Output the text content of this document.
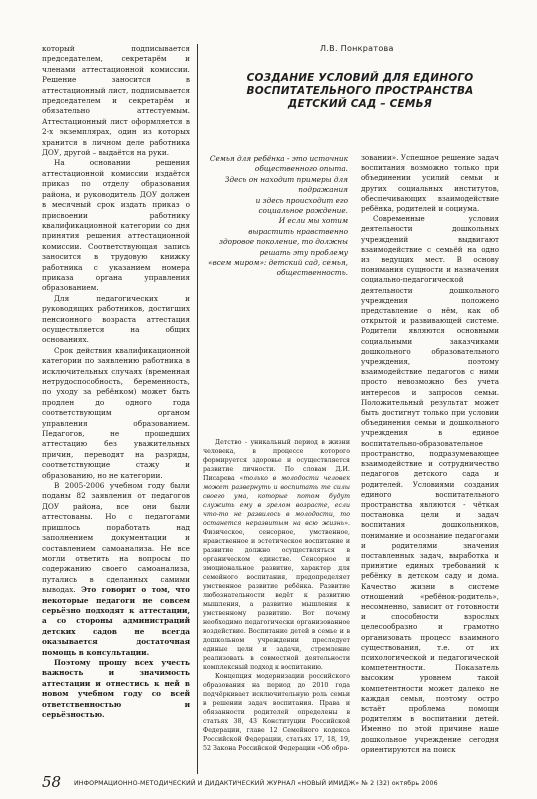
Л.В. Понкратова
СОЗДАНИЕ УСЛОВИЙ ДЛЯ ЕДИНОГО
ВОСПИТАТЕЛЬНОГО ПРОСТРАНСТВА
ДЕТСКИЙ САД – СЕМЬЯ
Семья для ребёнка - это источник
общественного опыта.
Здесь он находит примеры для
подражания
и здесь происходит его
социальное рождение.
И если мы хотим
вырастить нравственно
здоровое поколение, то должны
решать эту проблему
«всем миром»: детский сад, семья,
общественность.

который подписывается председателем, секретарём и членами аттестационной комиссии. Решение заносится в аттестационный лист, подписывается председателем и секретарём и обязательно аттестуемым. Аттестационный лист оформляется в 2-х экземплярах, один из которых хранится в личном деле работника ДОУ, другой – выдаётся на руки.

На основании решения аттестационной комиссии издаётся приказ по отделу образования района, и руководитель ДОУ должен в месячный срок издать приказ о присвоении работнику квалификационной категории со дня принятия решения аттестационной комиссии. Соответствующая запись заносится в трудовую книжку работника с указанием номера приказа органа управления образованием.

Для педагогических и руководящих работников, достигших пенсионного возраста аттестация осуществляется на общих основаниях.

Срок действия квалификационной категории по заявлению работника в исключительных случаях (временная нетрудоспособность, беременность, по уходу за ребёнком) может быть продлен до одного года соответствующим органом управления образованием. Педагогов, не прошедших аттестацию без уважительных причин, переводят на разряды, соответствующие стажу и образованию, но не категории.

В 2005-2006 учебном году были поданы 82 заявления от педагогов ДОУ района, все они были аттестованы. Но с педагогами пришлось поработать над заполнением документации и составлением самоанализа. Не все могли ответить на вопросы по содержанию своего самоанализа, путались в сделанных самими выводах. Это говорит о том, что некоторые педагоги не совсем серьёзно подходят к аттестации, а со стороны администраций детских садов не всегда оказывается достаточная помощь в консультации.

Поэтому прошу всех учесть важность и значимость аттестации и отнестись к ней в новом учебном году со всей ответственностью и серьёзностью.

Детство - уникальный период в жизни человека, в процессе которого формируется здоровье и осуществляется развитие личности. По словам Д.И. Писарева «только в молодости человек может развернуть и воспитать те силы своего ума, которые потом будут служить ему в зрелом возрасте, если что-то не развилось в молодости, то останется неразвитым на всю жизнь». Физическое, сенсорное, умственное, нравственное и эстетическое воспитание и развитие должно осуществляться в органическом единстве. Сенсорное и эмоциональное развитие, характер для семейного воспитания, предопределяет умственное развитие ребёнка. Развитие любознательности ведёт к развитию мышления, а развитие мышления к умственному развитию. Вот почему необходимо педагогически организованное воздействие. Воспитание детей в семье и в дошкольном учреждении преследует единые цели и задачи, стремление реализовать в совместной деятельности комплексный подход к воспитанию.

Концепция модернизации российского образования на период до 2010 года подчёркивает исключительную роль семьи в решении задач воспитания. Права и обязанности родителей определены в статьях 38, 43 Конституции Российской Федерации, главе 12 Семейного кодекса Российской Федерации, статьях 17, 18, 19, 52 Закона Российской Федерации «Об обра-

зовании». Успешное решение задач воспитания возможно только при объединении усилий семьи и других социальных институтов, обеспечивающих взаимодействие ребёнка, родителей и социума.

Современные условия деятельности дошкольных учреждений выдвигают взаимодействие с семьёй на одно из ведущих мест. В основу понимания сущности и назначения социально-педагогической деятельности дошкольного учреждения положено представление о нём, как об открытой и развивающей системе. Родители являются основными социальными заказчиками дошкольного образовательного учреждения, поэтому взаимодействие педагогов с ними просто невозможно без учета интересов и запросов семьи. Положительный результат может быть достигнут только при условии объединения семьи и дошкольного учреждения в единое воспитательно-образовательное пространство, подразумевающее взаимодействие и сотрудничество педагогов детского сада и родителей. Условиями создания единого воспитательного пространства являются - чёткая постановка цели и задач воспитания дошкольников, понимание и осознание педагогами и родителями значения поставленных задач, выработка и принятие единых требований к ребёнку в детском саду и дома. Качество жизни в системе отношений «ребёнок-родитель», несомненно, зависит от готовности и способности взрослых целесообразно и грамотно организовать процесс взаимного существования, т.е. от их психологической и педагогической компетентности. Показатель высоким уровнем такой компетентности может далеко не каждая семья, поэтому остро встаёт проблема помощи родителям в воспитании детей. Именно по этой причине наше дошкольное учреждение сегодня ориентируются на поиск

58 ИНФОРМАЦИОННО-МЕТОДИЧЕСКИЙ И ДИДАКТИЧЕСКИЙ ЖУРНАЛ «НОВЫЙ ИМИДЖ» № 2 (32) октябрь 2006
